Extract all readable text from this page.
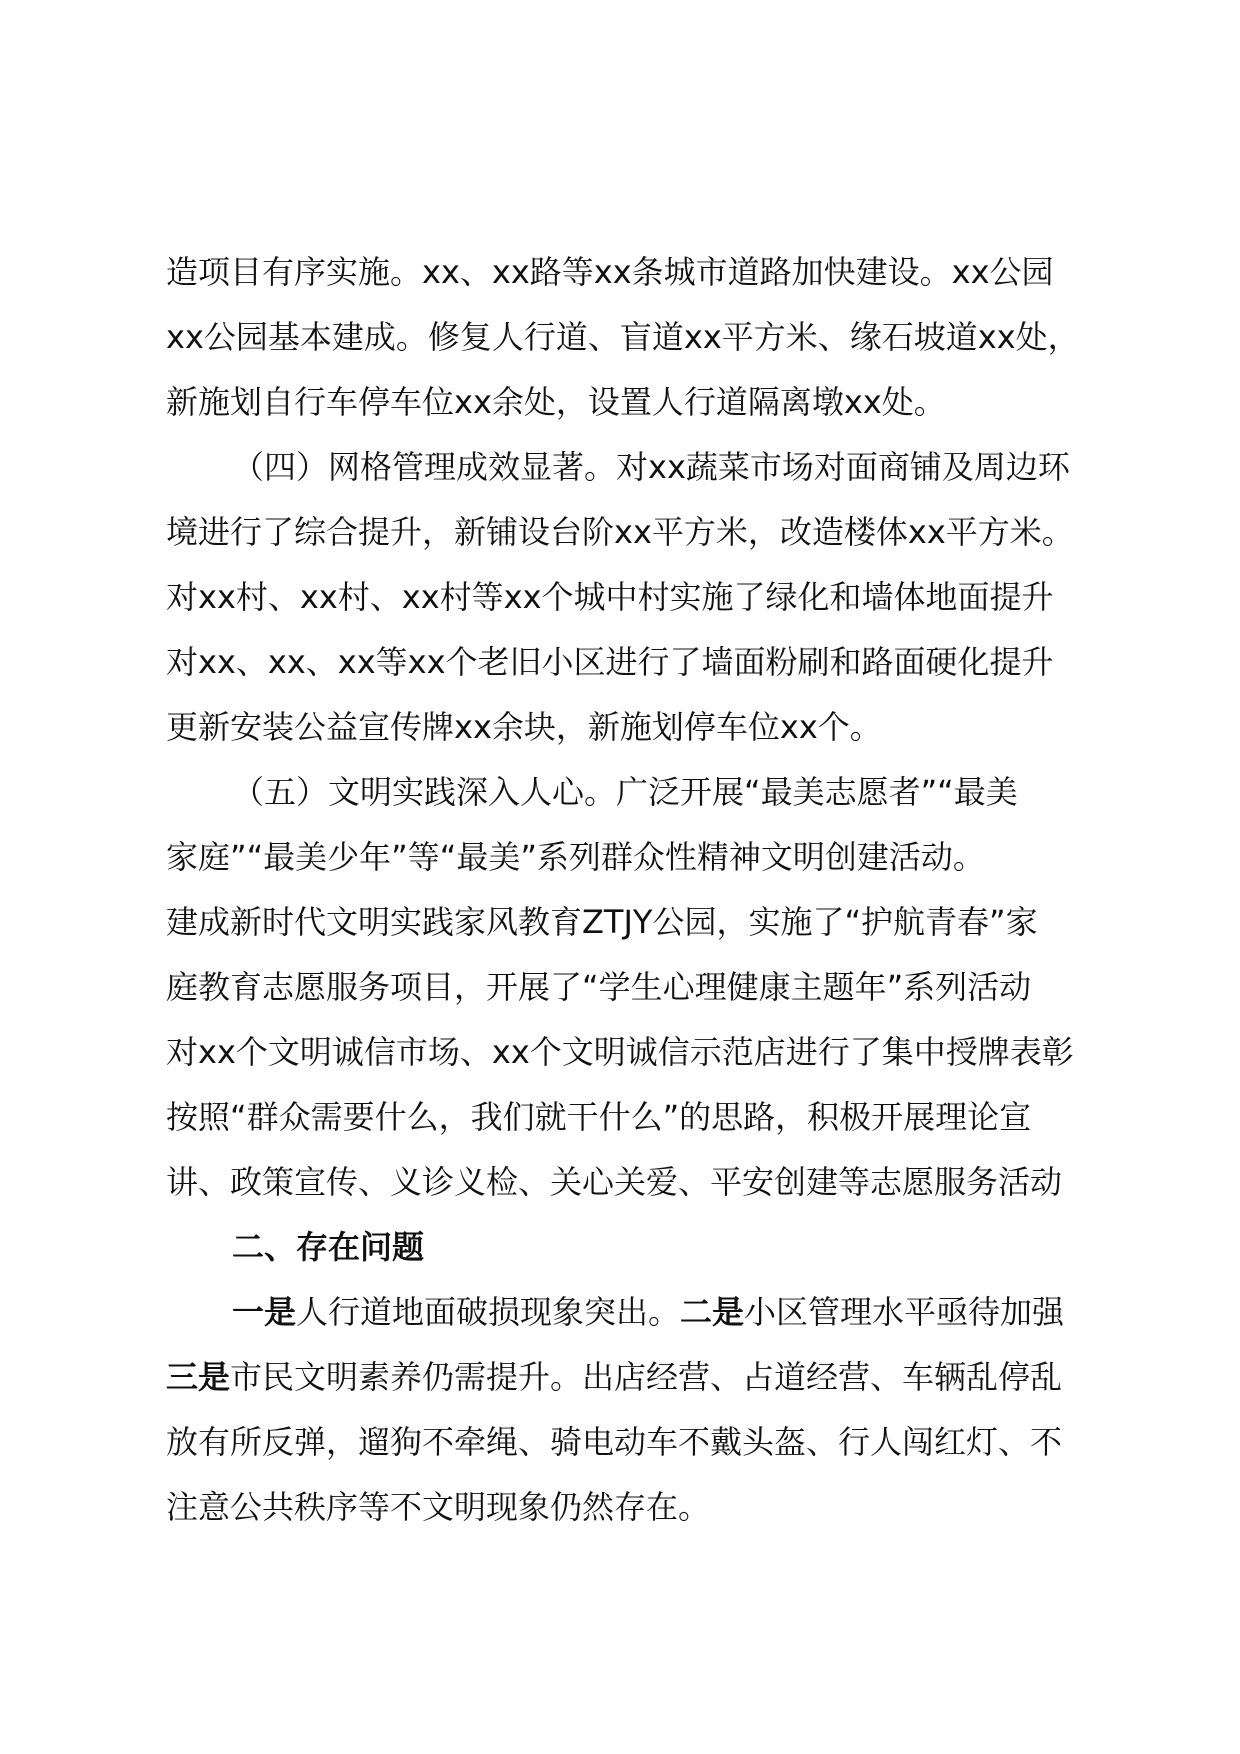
造项目有序实施。xx、xx路等xx条城市道路加快建设。xx公园
xx公园基本建成。修复人行道、盲道xx平方米、缘石坡道xx处，
新施划自行车停车位xx余处，设置人行道隔离墩xx处。
（四）网格管理成效显著。对xx蔬菜市场对面商铺及周边环
境进行了综合提升，新铺设台阶xx平方米，改造楼体xx平方米。
对xx村、xx村、xx村等xx个城中村实施了绿化和墙体地面提升
对xx、xx、xx等xx个老旧小区进行了墙面粉刷和路面硬化提升
更新安装公益宣传牌xx余块，新施划停车位xx个。
（五）文明实践深入人心。广泛开展“最美志愿者”“最美
家庭”“最美少年”等“最美”系列群众性精神文明创建活动。
建成新时代文明实践家风教育ZTJY公园，实施了“护航青春”家
庭教育志愿服务项目，开展了“学生心理健康主题年”系列活动
对xx个文明诚信市场、xx个文明诚信示范店进行了集中授牌表彰
按照“群众需要什么，我们就干什么”的思路，积极开展理论宣
讲、政策宣传、义诊义检、关心关爱、平安创建等志愿服务活动
二、存在问题
一是人行道地面破损现象突出。二是小区管理水平亟待加强
三是市民文明素养仍需提升。出店经营、占道经营、车辆乱停乱
放有所反弹，遛狗不牵绳、骑电动车不戴头盔、行人闯红灯、不
注意公共秩序等不文明现象仍然存在。
